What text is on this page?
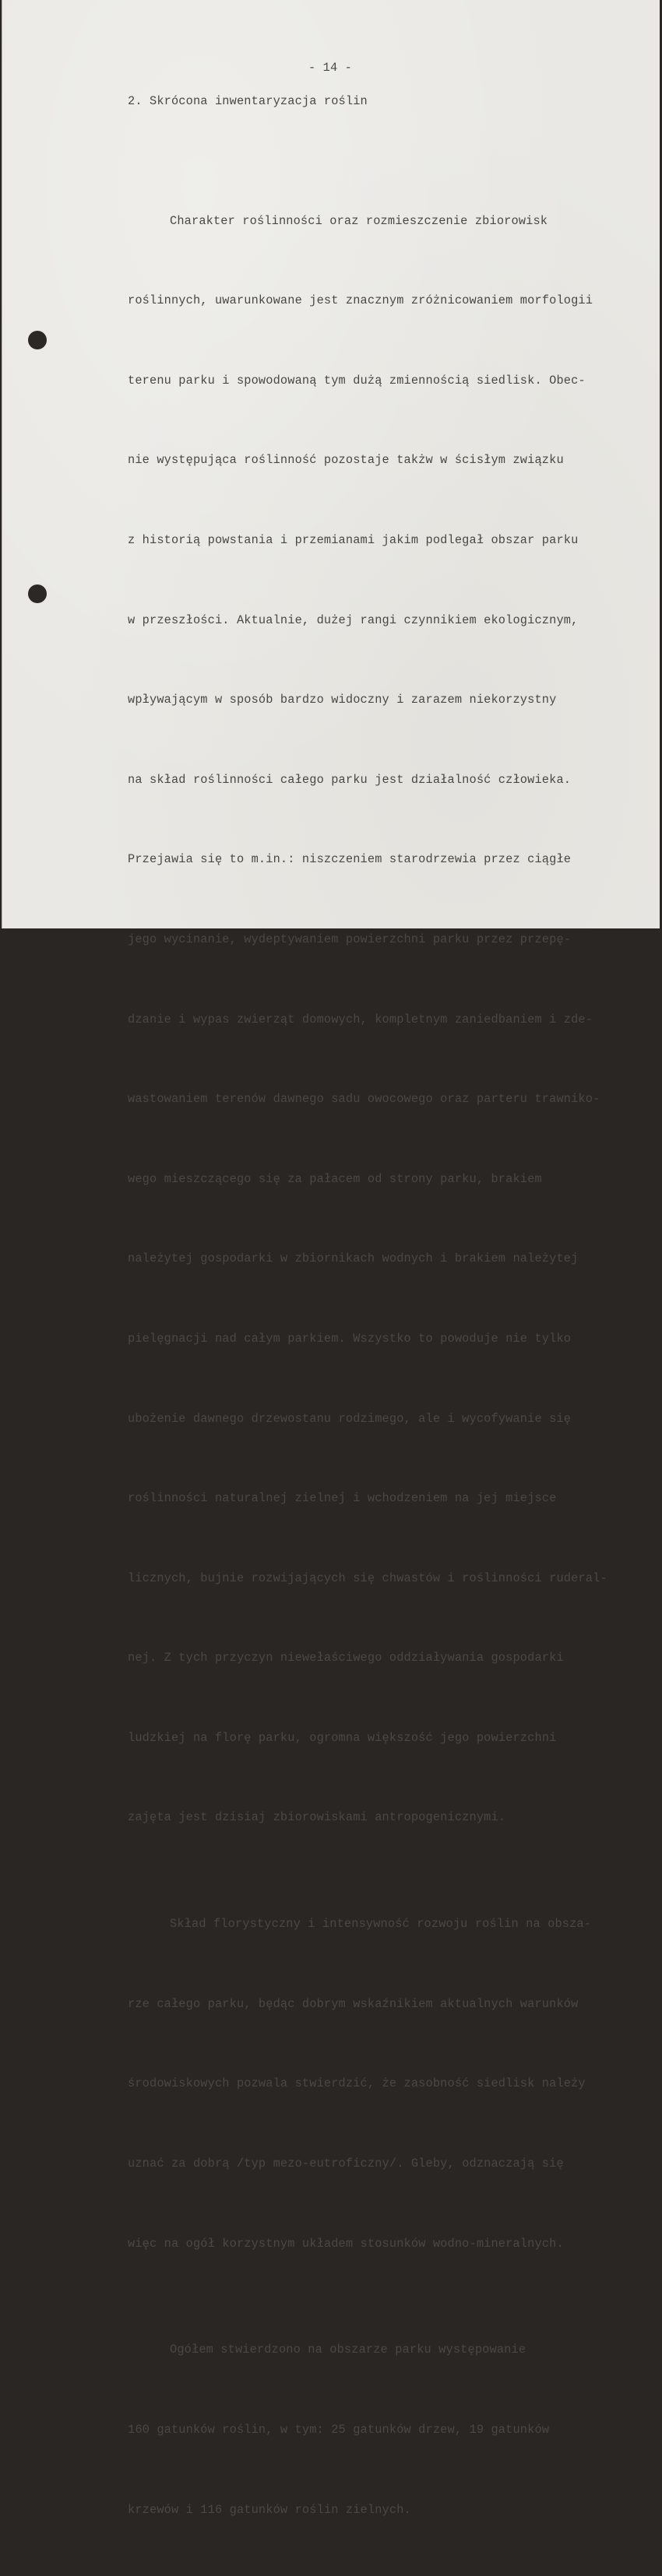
- 14 -
2. Skrócona inwentaryzacja roślin

Charakter roślinności oraz rozmieszczenie zbiorowisk

roślinnych, uwarunkowane jest znacznym zróżnicowaniem morfologii

terenu parku i spowodowaną tym dużą zmiennością siedlisk. Obec-

nie występująca roślinność pozostaje takżw w ścisłym związku

z historią powstania i przemianami jakim podlegał obszar parku

w przeszłości. Aktualnie, dużej rangi czynnikiem ekologicznym,

wpływającym w sposób bardzo widoczny i zarazem niekorzystny

na skład roślinności całego parku jest działalność człowieka.

Przejawia się to m.in.: niszczeniem starodrzewia przez ciągłe

jego wycinanie, wydeptywaniem powierzchni parku przez przepę-

dzanie i wypas zwierząt domowych, kompletnym zaniedbaniem i zde-

wastowaniem terenów dawnego sadu owocowego oraz parteru trawniko-

wego mieszczącego się za pałacem od strony parku, brakiem

należytej gospodarki w zbiornikach wodnych i brakiem należytej

pielęgnacji nad całym parkiem. Wszystko to powoduje nie tylko

ubożenie dawnego drzewostanu rodzimego, ale i wycofywanie się

roślinności naturalnej zielnej i wchodzeniem na jej miejsce

licznych, bujnie rozwijających się chwastów i roślinności ruderal-

nej. Z tych przyczyn niewełaściwego oddziaływania gospodarki

ludzkiej na florę parku, ogromna większość jego powierzchni

zajęta jest dzisiaj zbiorowiskami antropogenicznymi.

Skład florystyczny i intensywność rozwoju roślin na obsza-

rze całego parku, będąc dobrym wskaźnikiem aktualnych warunków

środowiskowych pozwala stwierdzić, że zasobność siedlisk należy

uznać za dobrą /typ mezo-eutroficzny/. Gleby, odznaczają się

więc na ogół korzystnym układem stosunków wodno-mineralnych.

Ogółem stwierdzono na obszarze parku występowanie

160 gatunków roślin, w tym: 25 gatunków drzew, 19 gatunków

krzewów i 116 gatunków roślin zielnych.
